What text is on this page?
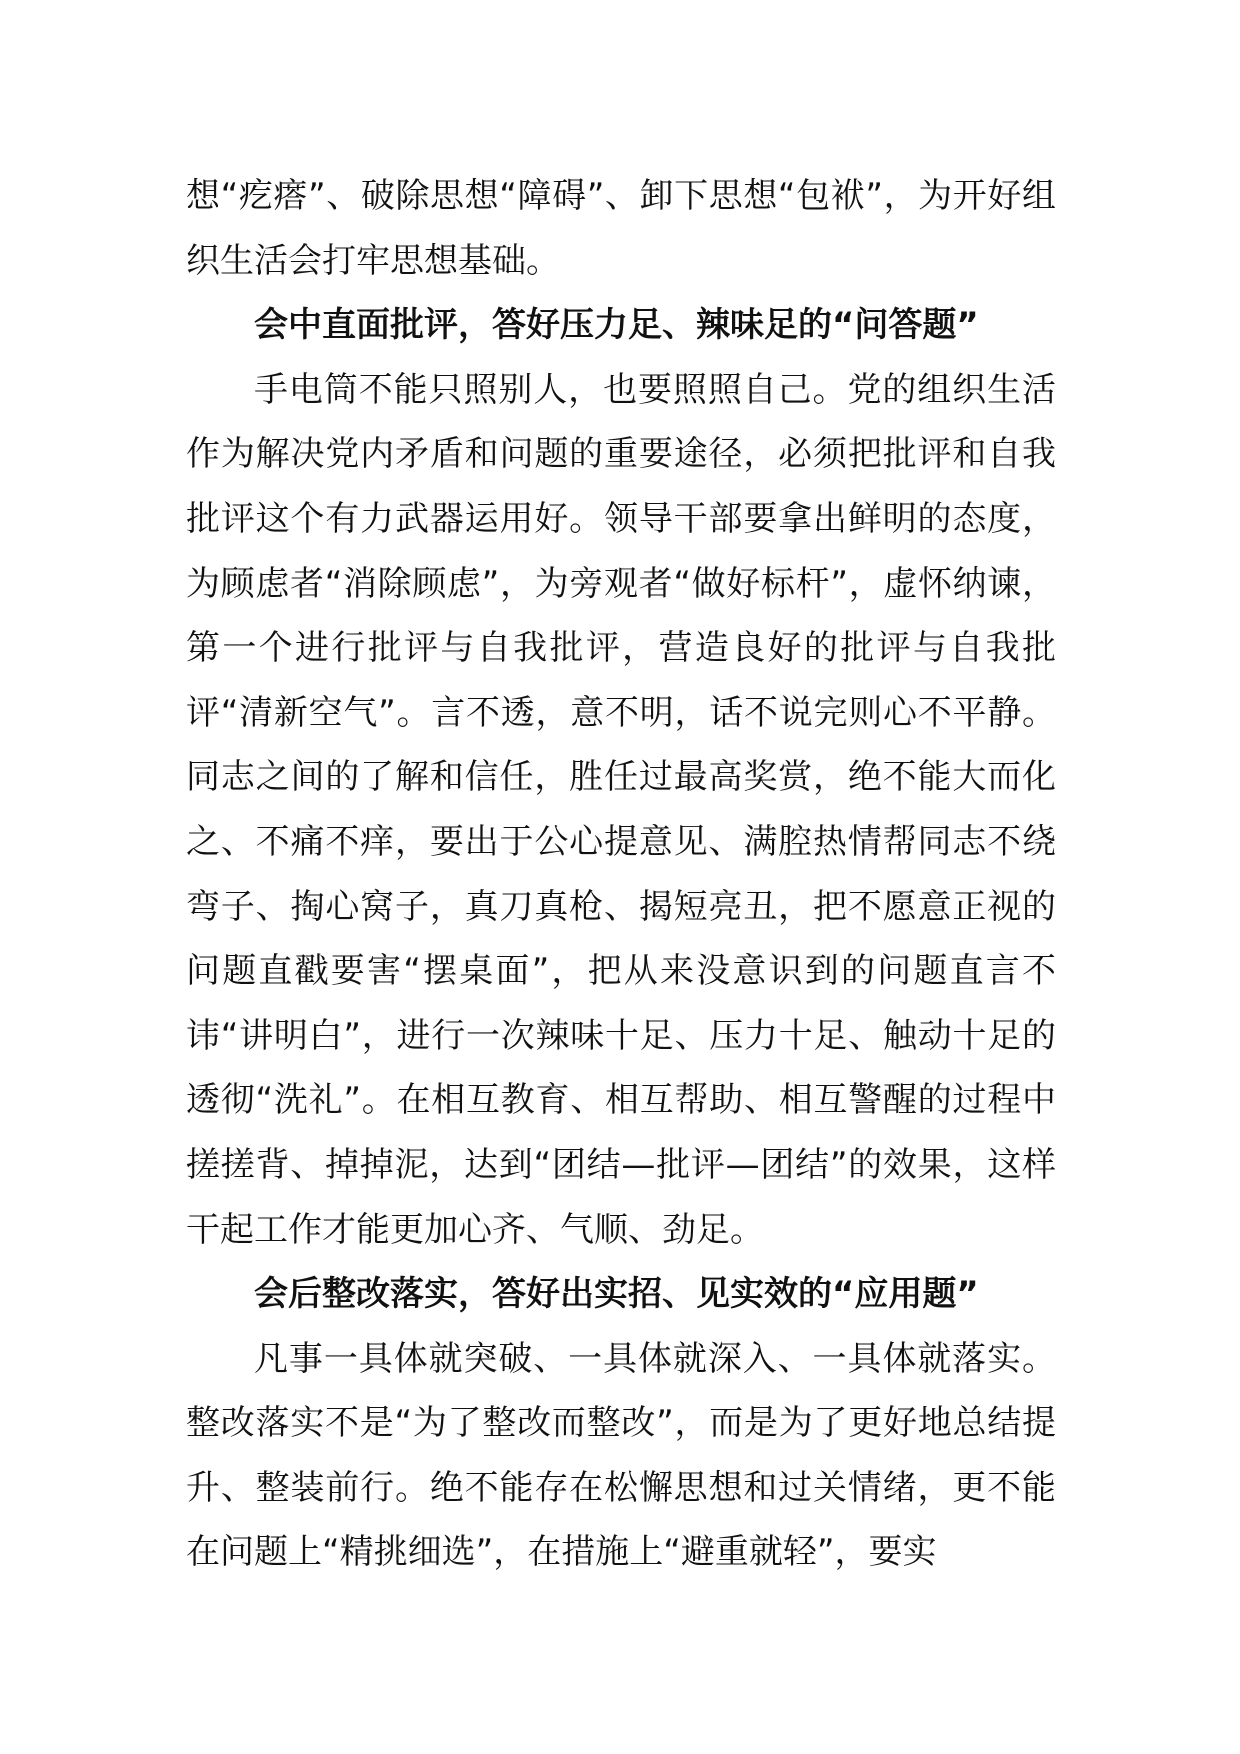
想“疙瘩”、破除思想“障碍”、卸下思想“包袱”，为开好组织生活会打牢思想基础。

会中直面批评，答好压力足、辣味足的“问答题”

手电筒不能只照别人，也要照照自己。党的组织生活作为解决党内矛盾和问题的重要途径，必须把批评和自我批评这个有力武器运用好。领导干部要拿出鲜明的态度，为顾虑者“消除顾虑”，为旁观者“做好标杆”，虚怀纳谏，第一个进行批评与自我批评，营造良好的批评与自我批评“清新空气”。言不透，意不明，话不说完则心不平静。同志之间的了解和信任，胜任过最高奖赏，绝不能大而化之、不痛不痒，要出于公心提意见、满腔热情帮同志不绕弯子、掏心窝子，真刀真枪、揭短亮丑，把不愿意正视的问题直戳要害“摆桌面”，把从来没意识到的问题直言不讳“讲明白”，进行一次辣味十足、压力十足、触动十足的透彻“洗礼”。在相互教育、相互帮助、相互警醒的过程中搓搓背、掉掉泥，达到“团结—批评—团结”的效果，这样干起工作才能更加心齐、气顺、劲足。

会后整改落实，答好出实招、见实效的“应用题”

凡事一具体就突破、一具体就深入、一具体就落实。整改落实不是“为了整改而整改”，而是为了更好地总结提升、整装前行。绝不能存在松懈思想和过关情绪，更不能在问题上“精挑细选”，在措施上“避重就轻”，要实
